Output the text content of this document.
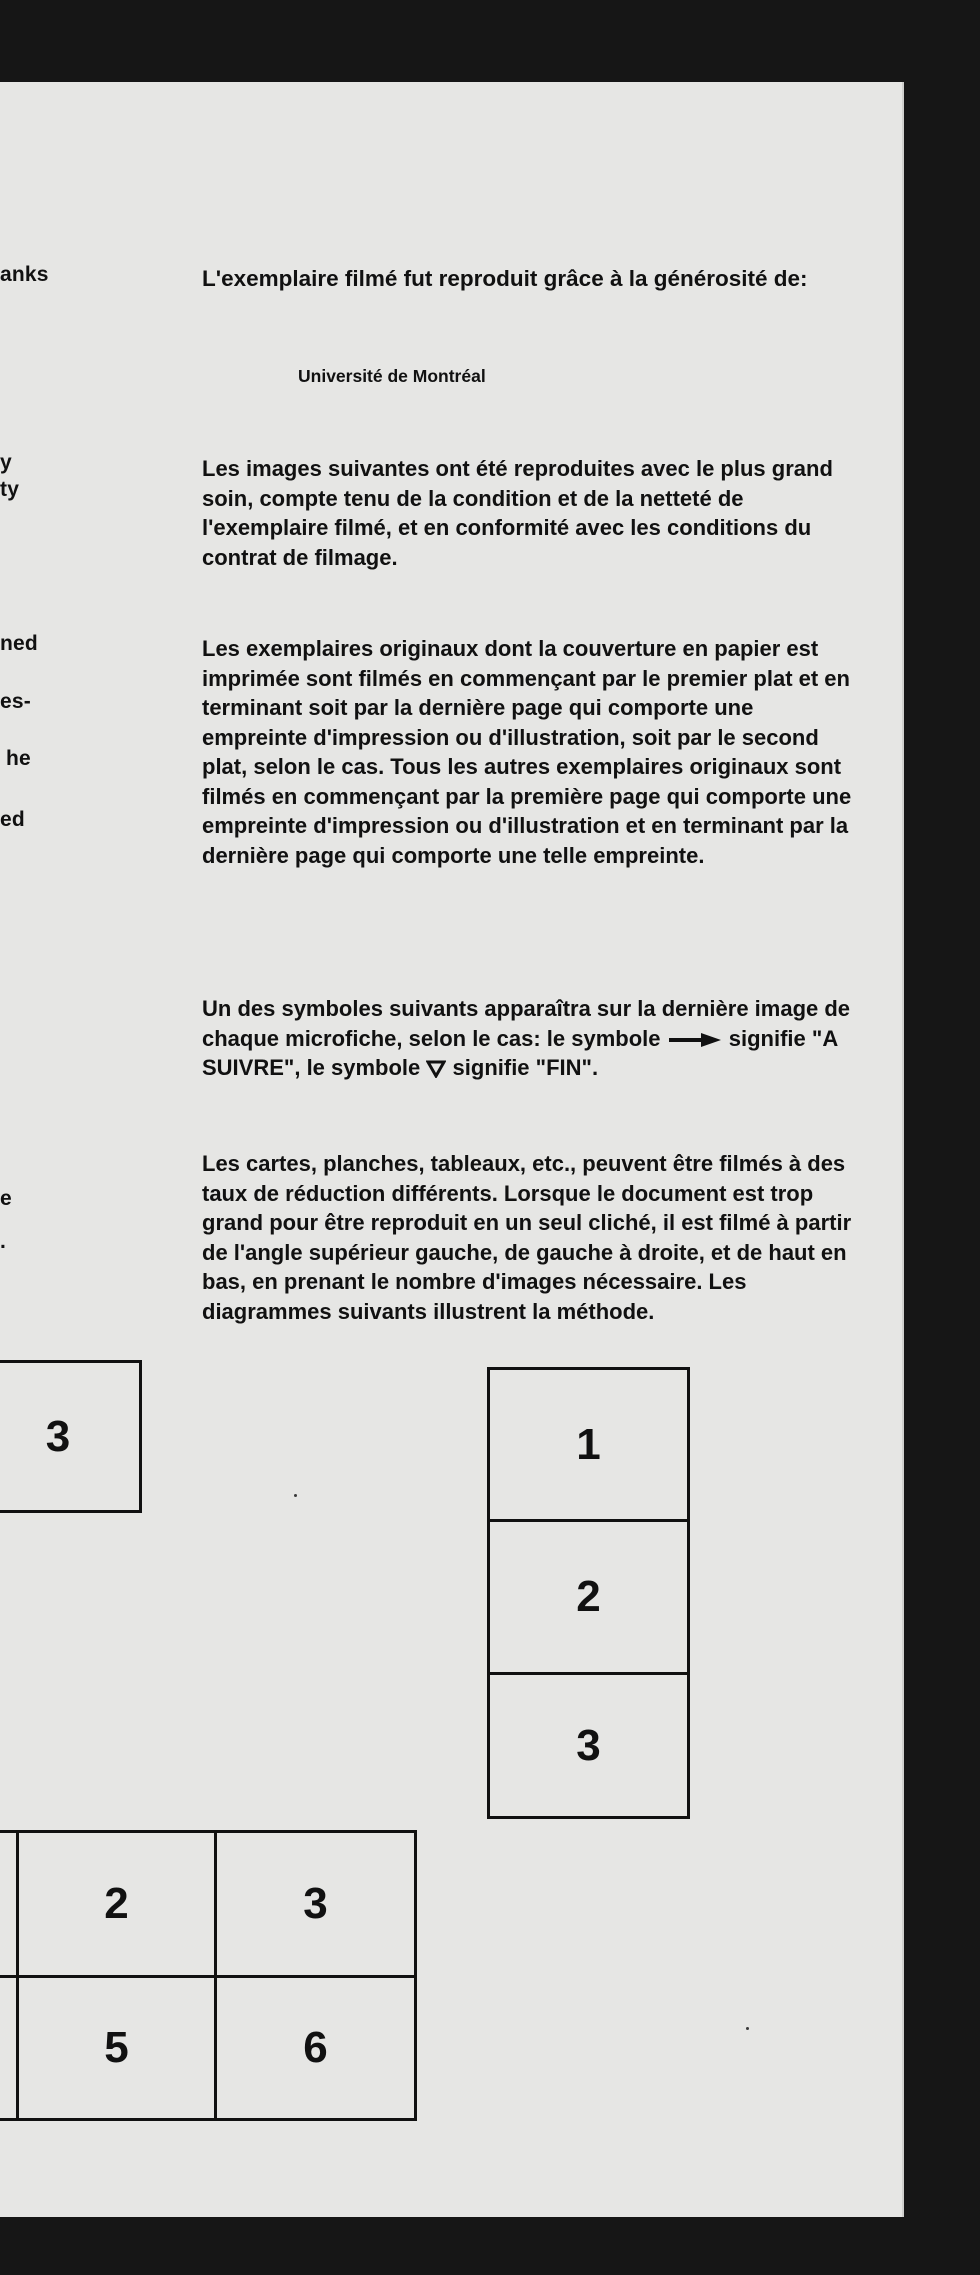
anks
y
ty
ned
es-
he
ed
e
.

L'exemplaire filmé fut reproduit grâce à la générosité de:

Université de Montréal

Les images suivantes ont été reproduites avec le plus grand soin, compte tenu de la condition et de la netteté de l'exemplaire filmé, et en conformité avec les conditions du contrat de filmage.

Les exemplaires originaux dont la couverture en papier est imprimée sont filmés en commençant par le premier plat et en terminant soit par la dernière page qui comporte une empreinte d'impression ou d'illustration, soit par le second plat, selon le cas. Tous les autres exemplaires originaux sont filmés en commençant par la première page qui comporte une empreinte d'impression ou d'illustration et en terminant par la dernière page qui comporte une telle empreinte.

Un des symboles suivants apparaîtra sur la dernière image de chaque microfiche, selon le cas: le symbole	signifie "A SUIVRE", le symbole signifie "FIN".

Les cartes, planches, tableaux, etc., peuvent être filmés à des taux de réduction différents. Lorsque le document est trop grand pour être reproduit en un seul cliché, il est filmé à partir de l'angle supérieur gauche, de gauche à droite, et de haut en bas, en prenant le nombre d'images nécessaire. Les diagrammes suivants illustrent la méthode.

3	1
2
3
2	3
5	6
